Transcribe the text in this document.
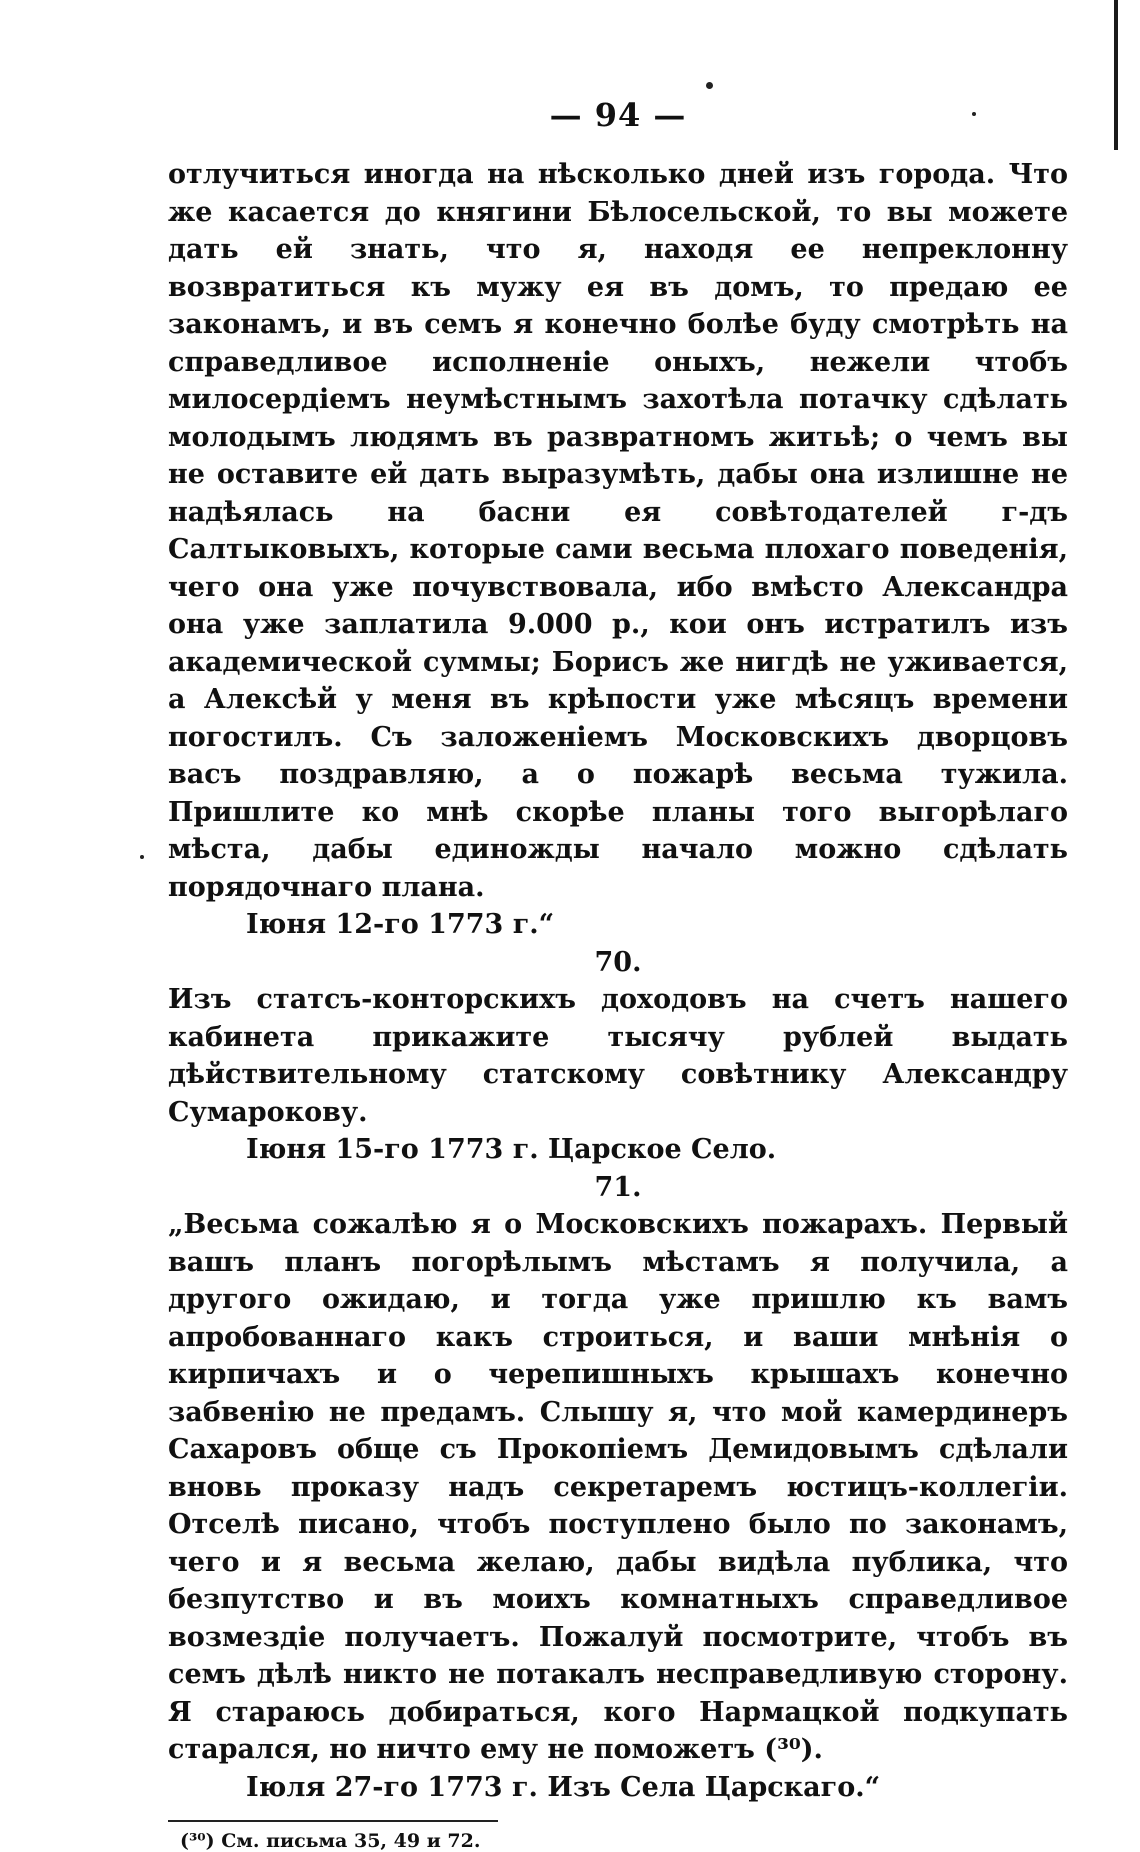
— 94 —

отлучиться иногда на нѣсколько дней изъ города. Что же касается до княгини Бѣлосельской, то вы можете дать ей знать, что я, находя ее непреклонну возвратиться къ мужу ея въ домъ, то предаю ее законамъ, и въ семъ я конечно болѣе буду смотрѣть на справедливое исполненіе оныхъ, нежели чтобъ милосердіемъ неумѣстнымъ захотѣла потачку сдѣлать молодымъ людямъ въ развратномъ житьѣ; о чемъ вы не оставите ей дать выразумѣть, дабы она излишне не надѣялась на басни ея совѣтодателей г-дъ Салтыковыхъ, которые сами весьма плохаго поведенія, чего она уже почувствовала, ибо вмѣсто Александра она уже заплатила 9.000 р., кои онъ истратилъ изъ академической суммы; Борисъ же нигдѣ не уживается, а Алексѣй у меня въ крѣпости уже мѣсяцъ времени погостилъ. Съ заложеніемъ Московскихъ дворцовъ васъ поздравляю, а о пожарѣ весьма тужила. Пришлите ко мнѣ скорѣе планы того выгорѣлаго мѣста, дабы единожды начало можно сдѣлать порядочнаго плана.

Іюня 12-го 1773 г.“

70.

Изъ статсъ-конторскихъ доходовъ на счетъ нашего кабинета прикажите тысячу рублей выдать дѣйствительному статскому совѣтнику Александру Сумарокову.

Іюня 15-го 1773 г. Царское Село.

71.

„Весьма сожалѣю я о Московскихъ пожарахъ. Первый вашъ планъ погорѣлымъ мѣстамъ я получила, а другого ожидаю, и тогда уже пришлю къ вамъ апробованнаго какъ строиться, и ваши мнѣнія о кирпичахъ и о черепишныхъ крышахъ конечно забвенію не предамъ. Слышу я, что мой камердинеръ Сахаровъ обще съ Прокопіемъ Демидовымъ сдѣлали вновь проказу надъ секретаремъ юстицъ-коллегіи. Отселѣ писано, чтобъ поступлено было по законамъ, чего и я весьма желаю, дабы видѣла публика, что безпутство и въ моихъ комнатныхъ справедливое возмездіе получаетъ. Пожалуй посмотрите, чтобъ въ семъ дѣлѣ никто не потакалъ несправедливую сторону. Я стараюсь добираться, кого Нармацкой подкупать старался, но ничто ему не поможетъ (³⁰).

Іюля 27-го 1773 г. Изъ Села Царскаго.“

(³⁰) См. письма 35, 49 и 72.
